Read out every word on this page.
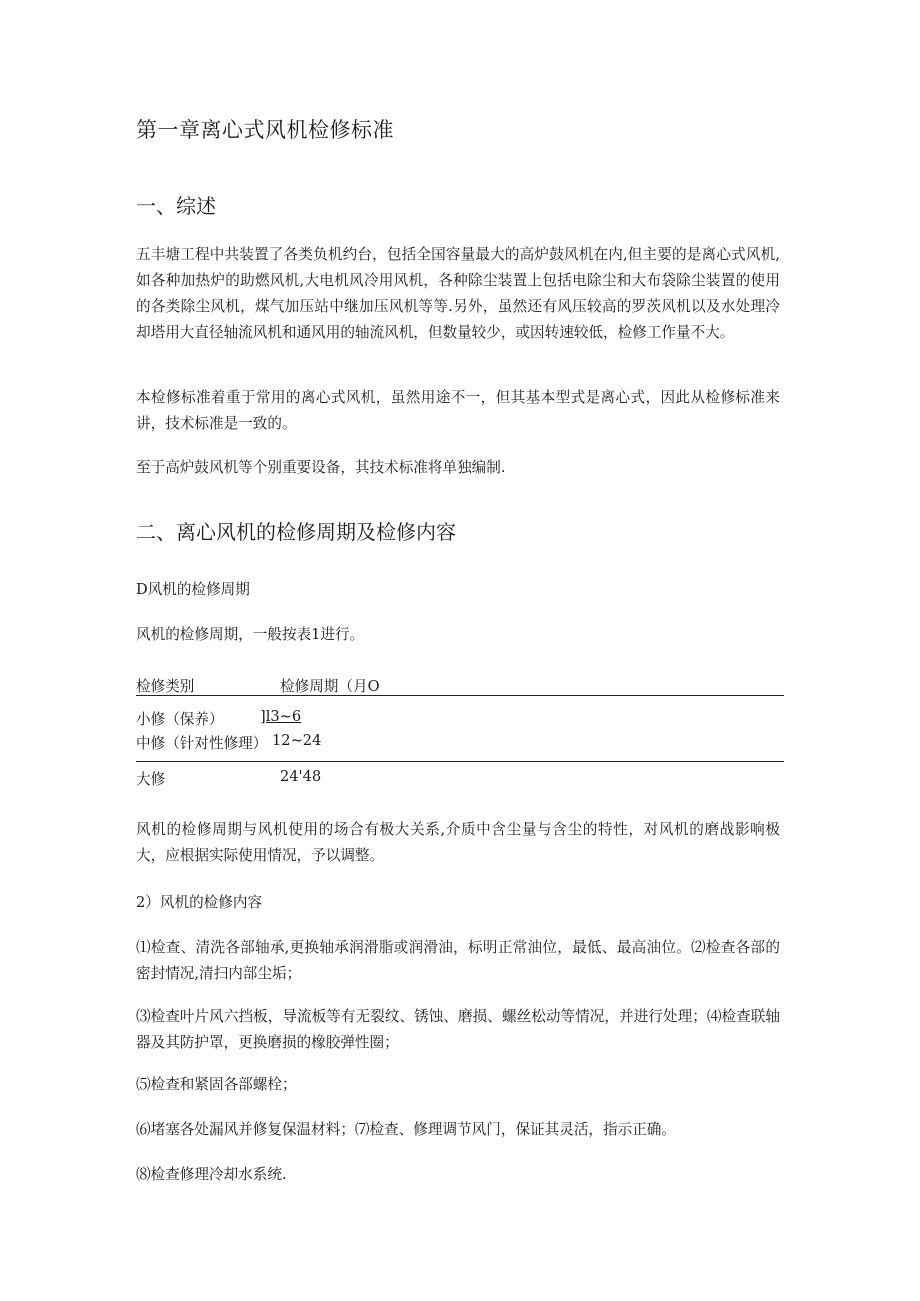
第一章离心式风机检修标准
一、综述

五丰塘工程中共装置了各类负机约台，包括全国容量最大的高炉鼓风机在内,但主要的是离心式风机,如各种加热炉的助燃风机,大电机风冷用风机，各种除尘装置上包括电除尘和大布袋除尘装置的使用的各类除尘风机，煤气加压站中继加压风机等等.另外，虽然还有风压较高的罗茨风机以及水处理冷却塔用大直径轴流风机和通风用的轴流风机，但数量较少，或因转速较低，检修工作量不大。

本检修标准着重于常用的离心式风机，虽然用途不一，但其基本型式是离心式，因此从检修标准来讲，技术标准是一致的。

至于高炉鼓风机等个别重要设备，其技术标准将单独编制.

二、离心风机的检修周期及检修内容

D风机的检修周期

风机的检修周期，一般按表1进行。

检修类别	检修周期（月O
小修（保养） ]l3~6
中修（针对性修理） 12~24
大修	24'48

风机的检修周期与风机使用的场合有极大关系,介质中含尘量与含尘的特性，对风机的磨战影响极大，应根据实际使用情况，予以调整。

2）风机的检修内容

⑴检查、清洗各部轴承,更换轴承润滑脂或润滑油，标明正常油位，最低、最高油位。⑵检查各部的密封情况,清扫内部尘垢；

⑶检查叶片风六挡板，导流板等有无裂纹、锈蚀、磨损、螺丝松动等情况，并进行处理；⑷检查联轴器及其防护罩，更换磨损的橡胶弹性圈；

⑸检查和紧固各部螺栓；

⑹堵塞各处漏风并修复保温材料；⑺检查、修理调节风门，保证其灵活，指示正确。

⑻检查修理冷却水系统.
